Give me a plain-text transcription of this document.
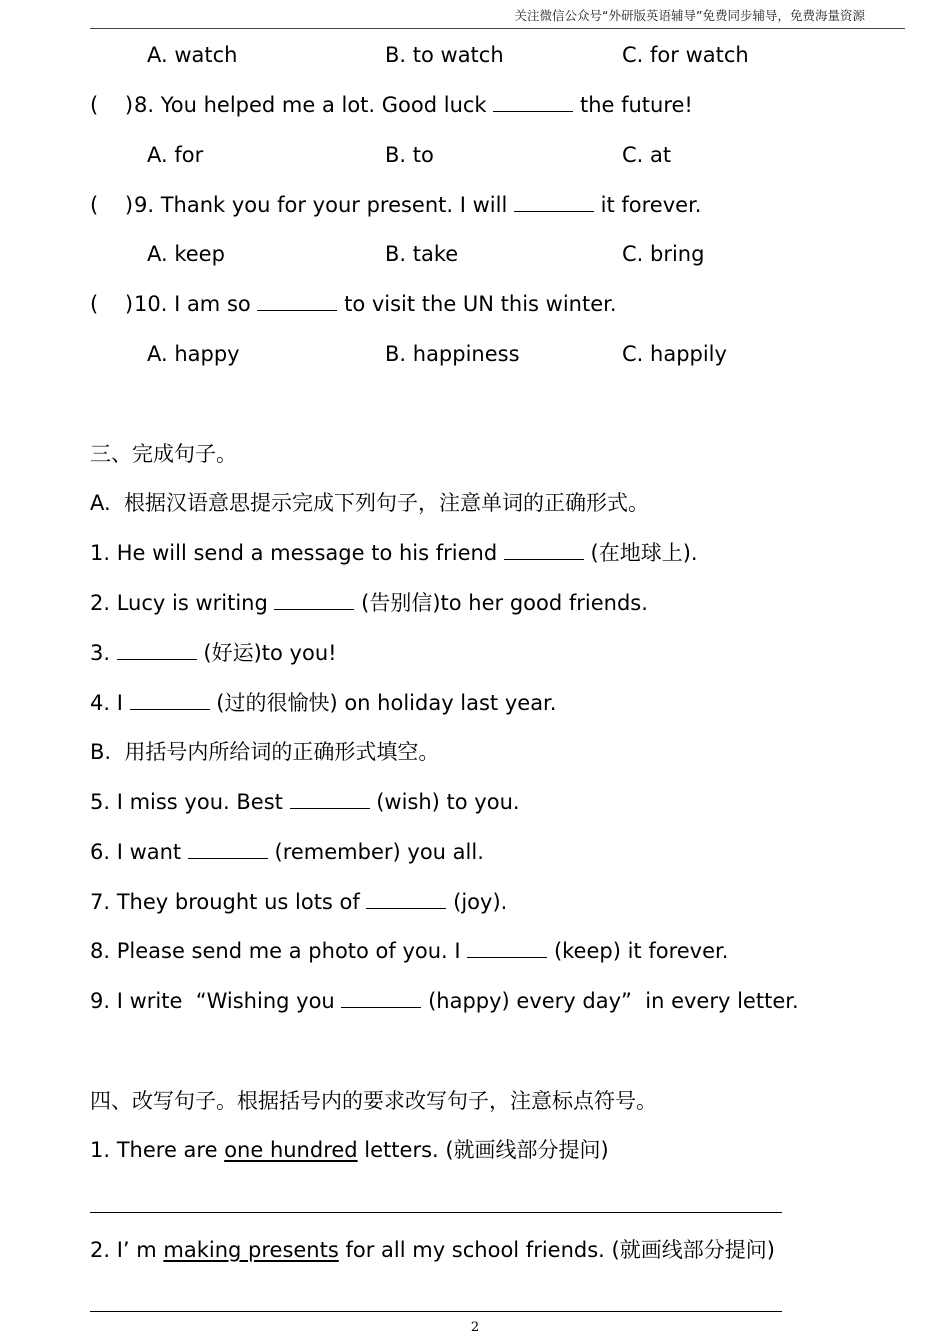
关注微信公众号“外研版英语辅导”免费同步辅导，免费海量资源
A. watch	B. to watch	C. for watch
(    )8. You helped me a lot. Good luck	the future!
A. for	B. to	C. at
(    )9. Thank you for your present. I will	it forever.
A. keep	B. take	C. bring
(    )10. I am so	to visit the UN this winter.
A. happy	B. happiness	C. happily
三、完成句子。
A.  根据汉语意思提示完成下列句子，注意单词的正确形式。
1. He will send a message to his friend	(在地球上).
2. Lucy is writing	(告别信)to her good friends.
3.	(好运)to you!
4. I	(过的很愉快) on holiday last year.
B.  用括号内所给词的正确形式填空。
5. I miss you. Best	(wish) to you.
6. I want	(remember) you all.
7. They brought us lots of	(joy).
8. Please send me a photo of you. I	(keep) it forever.
9. I write  “Wishing you	(happy) every day”  in every letter.
四、改写句子。根据括号内的要求改写句子，注意标点符号。
1. There are one hundred letters. (就画线部分提问)
2. I’ m making presents for all my school friends. (就画线部分提问)
2
